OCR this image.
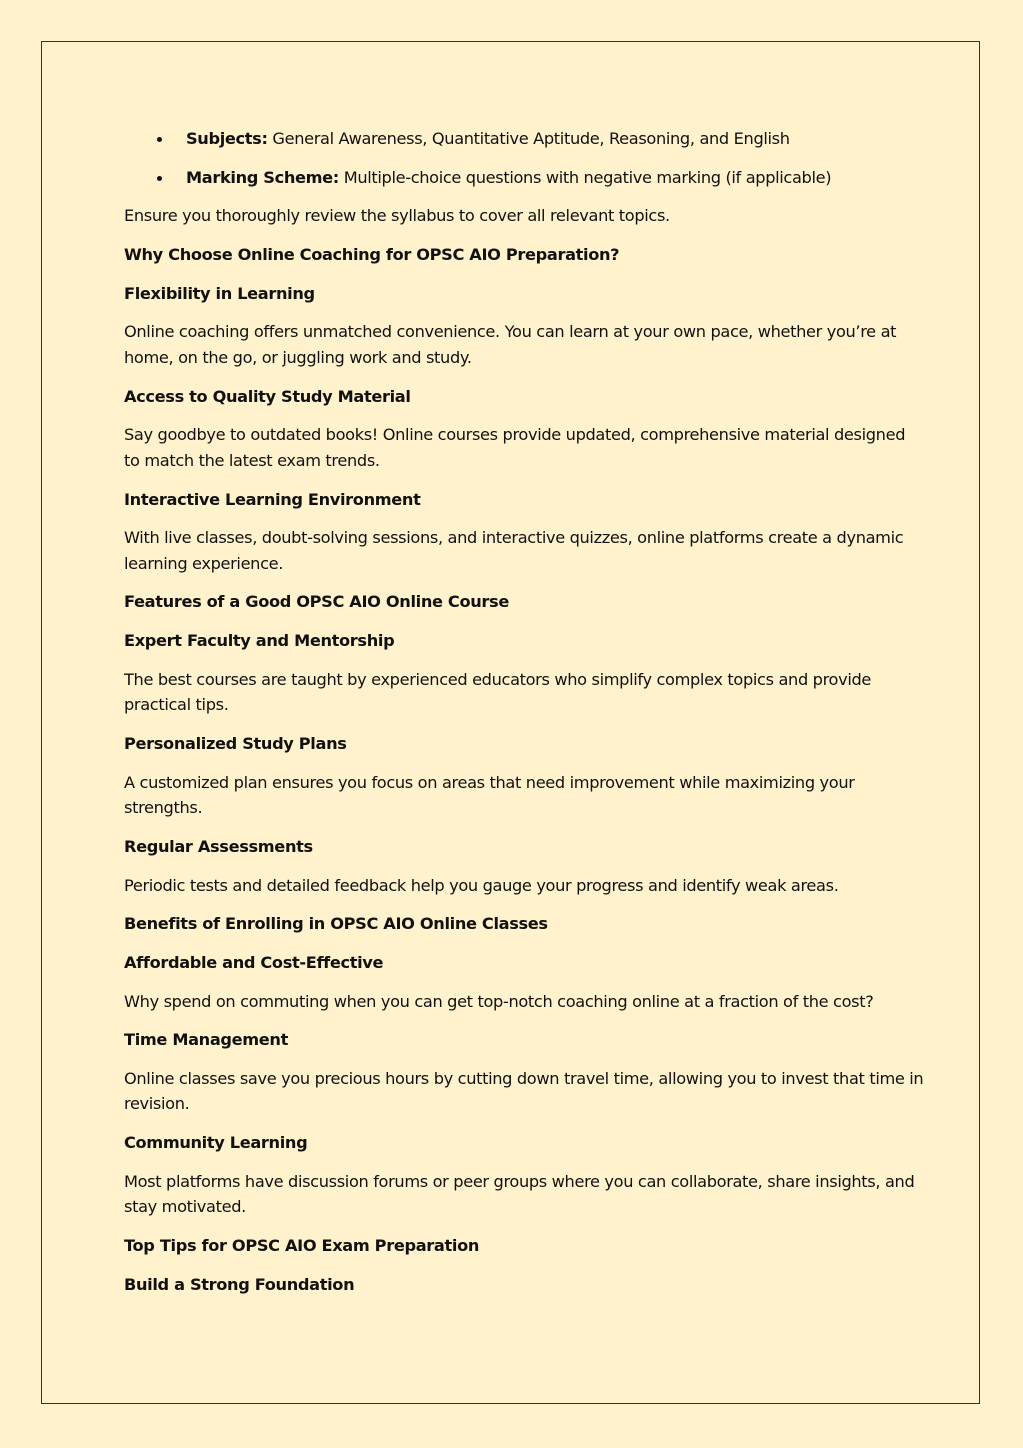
Subjects: General Awareness, Quantitative Aptitude, Reasoning, and English
Marking Scheme: Multiple-choice questions with negative marking (if applicable)

Ensure you thoroughly review the syllabus to cover all relevant topics.

Why Choose Online Coaching for OPSC AIO Preparation?

Flexibility in Learning

Online coaching offers unmatched convenience. You can learn at your own pace, whether you’re at home, on the go, or juggling work and study.

Access to Quality Study Material

Say goodbye to outdated books! Online courses provide updated, comprehensive material designed to match the latest exam trends.

Interactive Learning Environment

With live classes, doubt-solving sessions, and interactive quizzes, online platforms create a dynamic learning experience.

Features of a Good OPSC AIO Online Course

Expert Faculty and Mentorship

The best courses are taught by experienced educators who simplify complex topics and provide practical tips.

Personalized Study Plans

A customized plan ensures you focus on areas that need improvement while maximizing your strengths.

Regular Assessments

Periodic tests and detailed feedback help you gauge your progress and identify weak areas.

Benefits of Enrolling in OPSC AIO Online Classes

Affordable and Cost-Effective

Why spend on commuting when you can get top-notch coaching online at a fraction of the cost?

Time Management

Online classes save you precious hours by cutting down travel time, allowing you to invest that time in revision.

Community Learning

Most platforms have discussion forums or peer groups where you can collaborate, share insights, and stay motivated.

Top Tips for OPSC AIO Exam Preparation

Build a Strong Foundation
